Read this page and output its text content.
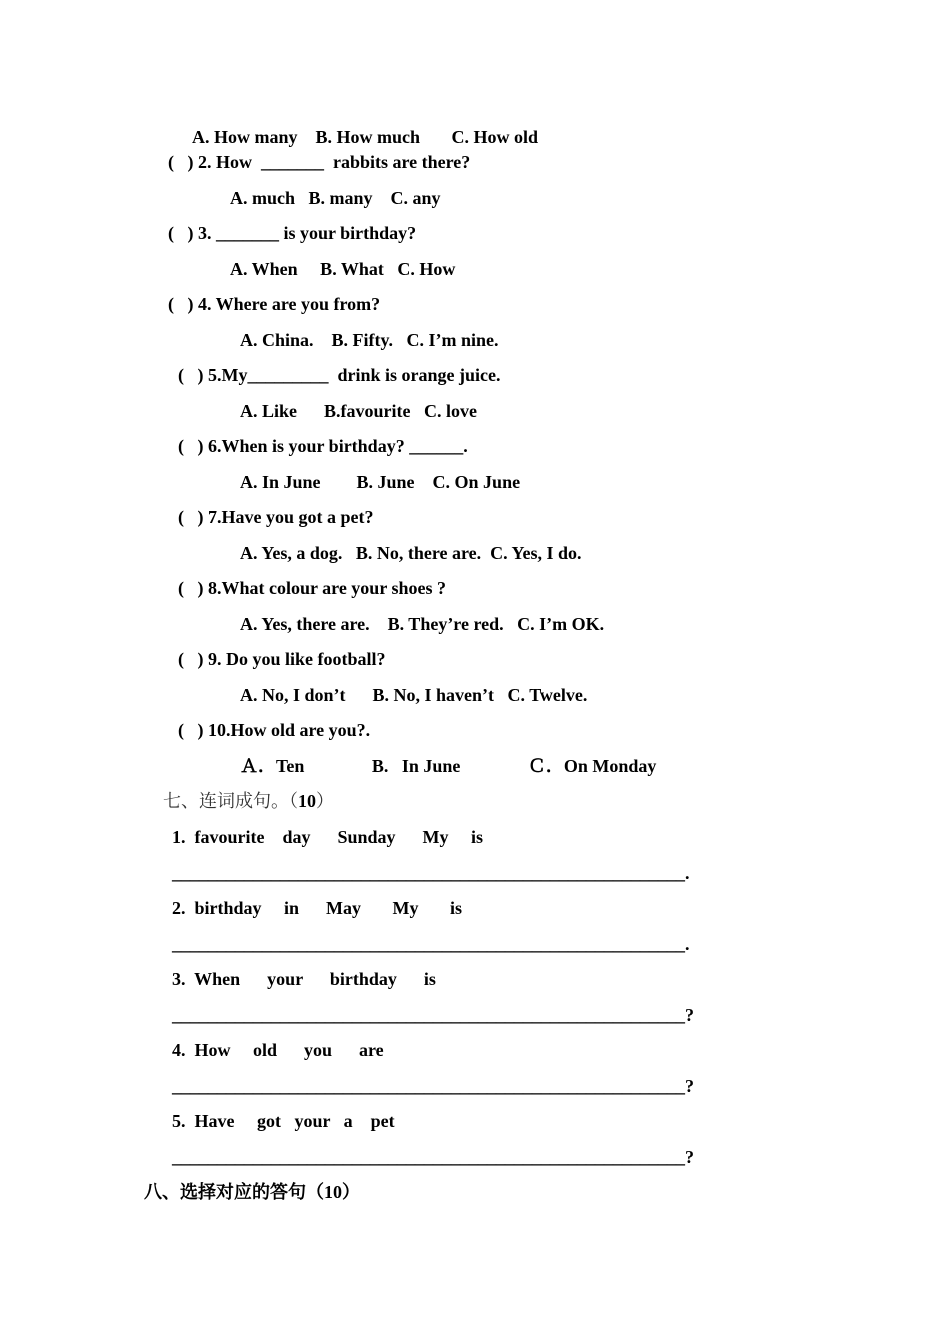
A. How many    B. How much       C. How old
(   ) 2. How  _______  rabbits are there?
A. much   B. many    C. any
(   ) 3. _______ is your birthday?
A. When     B. What   C. How
(   ) 4. Where are you from?
A. China.    B. Fifty.   C. I’m nine.
(   ) 5.My_________  drink is orange juice.
A. Like      B.favourite   C. love
(   ) 6.When is your birthday? ______.
A. In June        B. June    C. On June
(   ) 7.Have you got a pet?
A. Yes, a dog.   B. No, there are.  C. Yes, I do.
(   ) 8.What colour are your shoes ?
A. Yes, there are.    B. They’re red.   C. I’m OK.
(   ) 9. Do you like football?
A. No, I don’t      B. No, I haven’t   C. Twelve.
(   ) 10.How old are you?.
Ａ．Ten               B.   In June               Ｃ．On Monday
七、连词成句。（10）
1.  favourite    day      Sunday      My     is
_________________________________________________________.
2.  birthday     in      May       My       is
_________________________________________________________.
3.  When      your      birthday      is
_________________________________________________________?
4.  How     old      you      are
_________________________________________________________?
5.  Have     got   your   a    pet
_________________________________________________________?
八、选择对应的答句（10）
